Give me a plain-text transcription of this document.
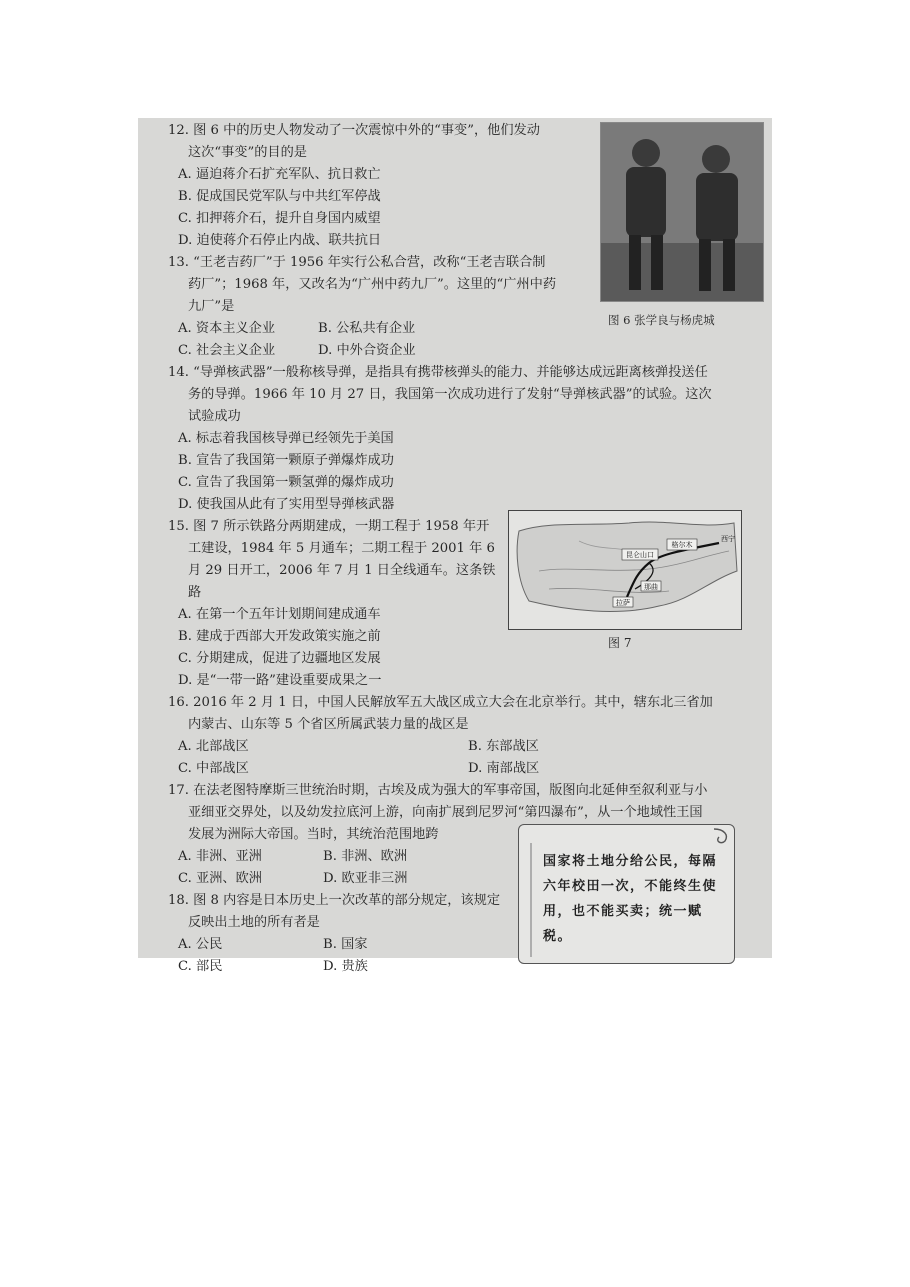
12. 图 6 中的历史人物发动了一次震惊中外的“事变”，他们发动
这次“事变”的目的是
A. 逼迫蒋介石扩充军队、抗日救亡
B. 促成国民党军队与中共红军停战
C. 扣押蒋介石，提升自身国内威望
D. 迫使蒋介石停止内战、联共抗日
图 6 张学良与杨虎城
13. “王老吉药厂”于 1956 年实行公私合营，改称“王老吉联合制
药厂”；1968 年，又改名为“广州中药九厂”。这里的“广州中药
九厂”是
A. 资本主义企业	B. 公私共有企业
C. 社会主义企业	D. 中外合资企业
14. “导弹核武器”一般称核导弹，是指具有携带核弹头的能力、并能够达成远距离核弹投送任
务的导弹。1966 年 10 月 27 日，我国第一次成功进行了发射“导弹核武器”的试验。这次
试验成功
A. 标志着我国核导弹已经领先于美国
B. 宣告了我国第一颗原子弹爆炸成功
C. 宣告了我国第一颗氢弹的爆炸成功
D. 使我国从此有了实用型导弹核武器
15. 图 7 所示铁路分两期建成，一期工程于 1958 年开
工建设，1984 年 5 月通车；二期工程于 2001 年 6
月 29 日开工，2006 年 7 月 1 日全线通车。这条铁
路
A. 在第一个五年计划期间建成通车
B. 建成于西部大开发政策实施之前
C. 分期建成，促进了边疆地区发展
D. 是“一带一路”建设重要成果之一
昆仑山口
格尔木
西宁
那曲
拉萨
图 7
16. 2016 年 2 月 1 日，中国人民解放军五大战区成立大会在北京举行。其中，辖东北三省加
内蒙古、山东等 5 个省区所属武装力量的战区是
A. 北部战区	B. 东部战区
C. 中部战区	D. 南部战区
17. 在法老图特摩斯三世统治时期，古埃及成为强大的军事帝国，版图向北延伸至叙利亚与小
亚细亚交界处，以及幼发拉底河上游，向南扩展到尼罗河“第四瀑布”，从一个地域性王国
发展为洲际大帝国。当时，其统治范围地跨
A. 非洲、亚洲	B. 非洲、欧洲
C. 亚洲、欧洲	D. 欧亚非三洲
18. 图 8 内容是日本历史上一次改革的部分规定，该规定
反映出土地的所有者是
A. 公民	B. 国家
C. 部民	D. 贵族
国家将土地分给公民，每隔六年校田一次，不能终生使用，也不能买卖；统一赋税。
